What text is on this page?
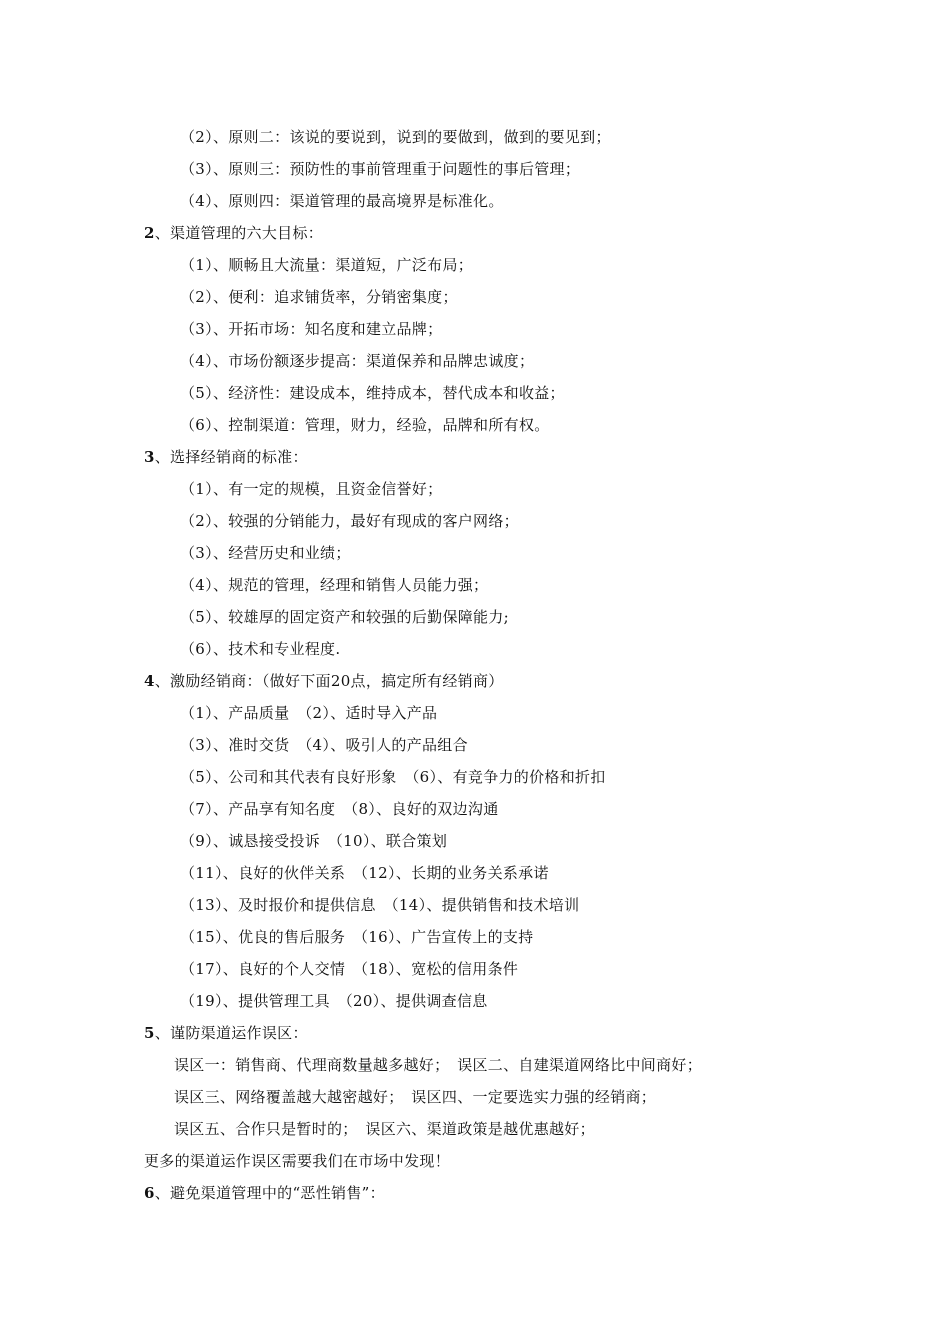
（2）、原则二：该说的要说到，说到的要做到，做到的要见到；
（3）、原则三：预防性的事前管理重于问题性的事后管理；
（4）、原则四：渠道管理的最高境界是标准化。
2、渠道管理的六大目标：
（1）、顺畅且大流量：渠道短，广泛布局；
（2）、便利：追求铺货率，分销密集度；
（3）、开拓市场：知名度和建立品牌；
（4）、市场份额逐步提高：渠道保养和品牌忠诚度；
（5）、经济性：建设成本，维持成本，替代成本和收益；
（6）、控制渠道：管理，财力，经验，品牌和所有权。
3、选择经销商的标准：
（1）、有一定的规模，且资金信誉好；
（2）、较强的分销能力，最好有现成的客户网络；
（3）、经营历史和业绩；
（4）、规范的管理，经理和销售人员能力强；
（5）、较雄厚的固定资产和较强的后勤保障能力;
（6）、技术和专业程度.
4、激励经销商：（做好下面20点，搞定所有经销商）
（1）、产品质量　（2）、适时导入产品
（3）、准时交货　（4）、吸引人的产品组合
（5）、公司和其代表有良好形象　（6）、有竞争力的价格和折扣
（7）、产品享有知名度　（8）、良好的双边沟通
（9）、诚恳接受投诉　（10）、联合策划
（11）、良好的伙伴关系　（12）、长期的业务关系承诺
（13）、及时报价和提供信息　（14）、提供销售和技术培训
（15）、优良的售后服务　（16）、广告宣传上的支持
（17）、良好的个人交情　（18）、宽松的信用条件
（19）、提供管理工具　（20）、提供调查信息
5、谨防渠道运作误区：
误区一：销售商、代理商数量越多越好；　误区二、自建渠道网络比中间商好；
误区三、网络覆盖越大越密越好；　误区四、一定要选实力强的经销商；
误区五、合作只是暂时的；　误区六、渠道政策是越优惠越好；
更多的渠道运作误区需要我们在市场中发现！
6、避免渠道管理中的“恶性销售”：
